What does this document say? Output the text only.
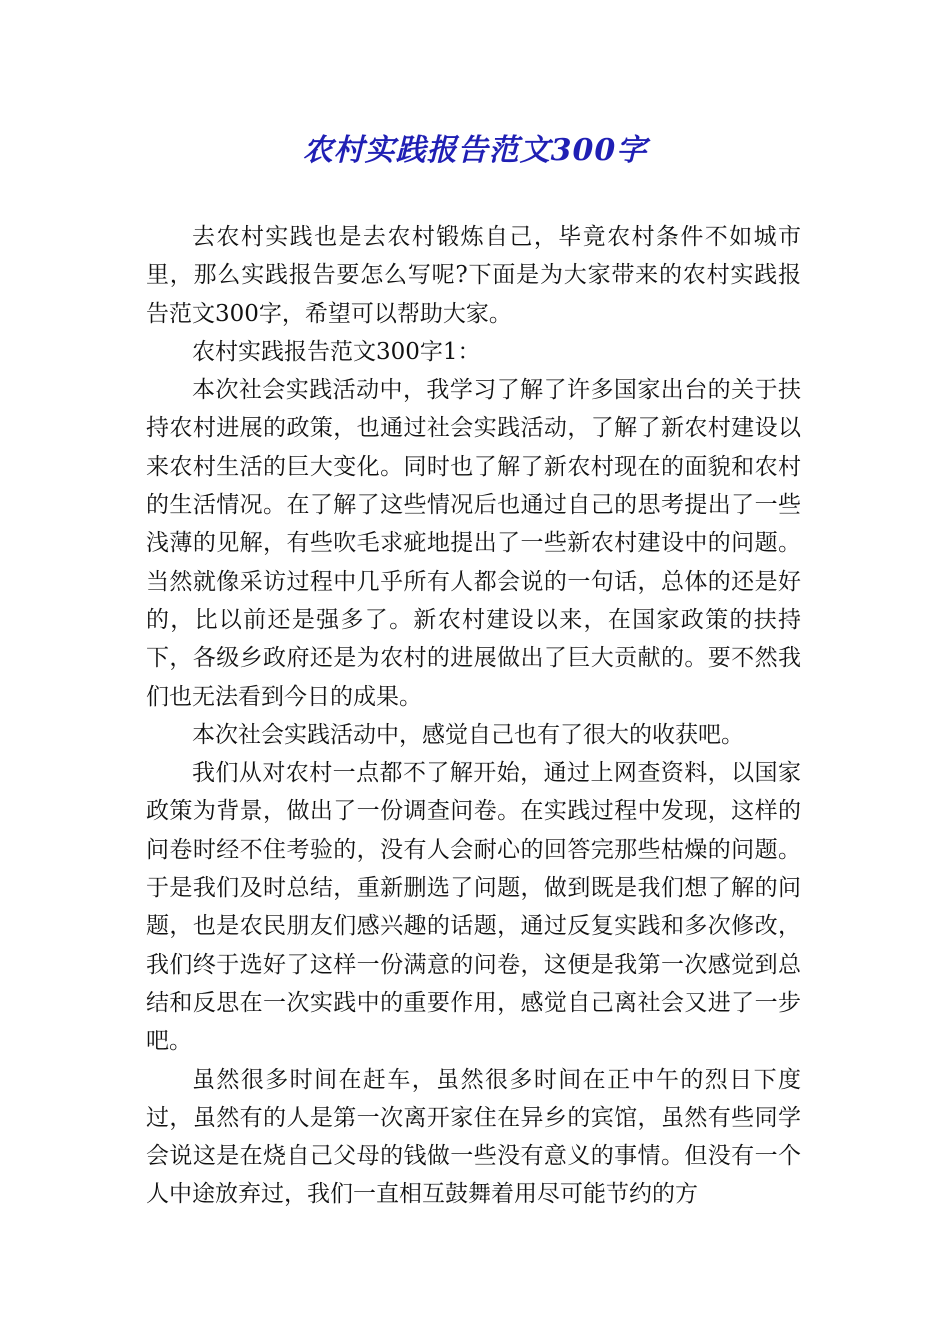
农村实践报告范文300字

去农村实践也是去农村锻炼自己，毕竟农村条件不如城市里，那么实践报告要怎么写呢?下面是为大家带来的农村实践报告范文300字，希望可以帮助大家。

农村实践报告范文300字1：

本次社会实践活动中，我学习了解了许多国家出台的关于扶持农村进展的政策，也通过社会实践活动，了解了新农村建设以来农村生活的巨大变化。同时也了解了新农村现在的面貌和农村的生活情况。在了解了这些情况后也通过自己的思考提出了一些浅薄的见解，有些吹毛求疵地提出了一些新农村建设中的问题。当然就像采访过程中几乎所有人都会说的一句话，总体的还是好的，比以前还是强多了。新农村建设以来，在国家政策的扶持下，各级乡政府还是为农村的进展做出了巨大贡献的。要不然我们也无法看到今日的成果。

本次社会实践活动中，感觉自己也有了很大的收获吧。

我们从对农村一点都不了解开始，通过上网查资料，以国家政策为背景，做出了一份调查问卷。在实践过程中发现，这样的问卷时经不住考验的，没有人会耐心的回答完那些枯燥的问题。于是我们及时总结，重新删选了问题，做到既是我们想了解的问题，也是农民朋友们感兴趣的话题，通过反复实践和多次修改，我们终于选好了这样一份满意的问卷，这便是我第一次感觉到总结和反思在一次实践中的重要作用，感觉自己离社会又进了一步吧。

虽然很多时间在赶车，虽然很多时间在正中午的烈日下度过，虽然有的人是第一次离开家住在异乡的宾馆，虽然有些同学会说这是在烧自己父母的钱做一些没有意义的事情。但没有一个人中途放弃过，我们一直相互鼓舞着用尽可能节约的方
